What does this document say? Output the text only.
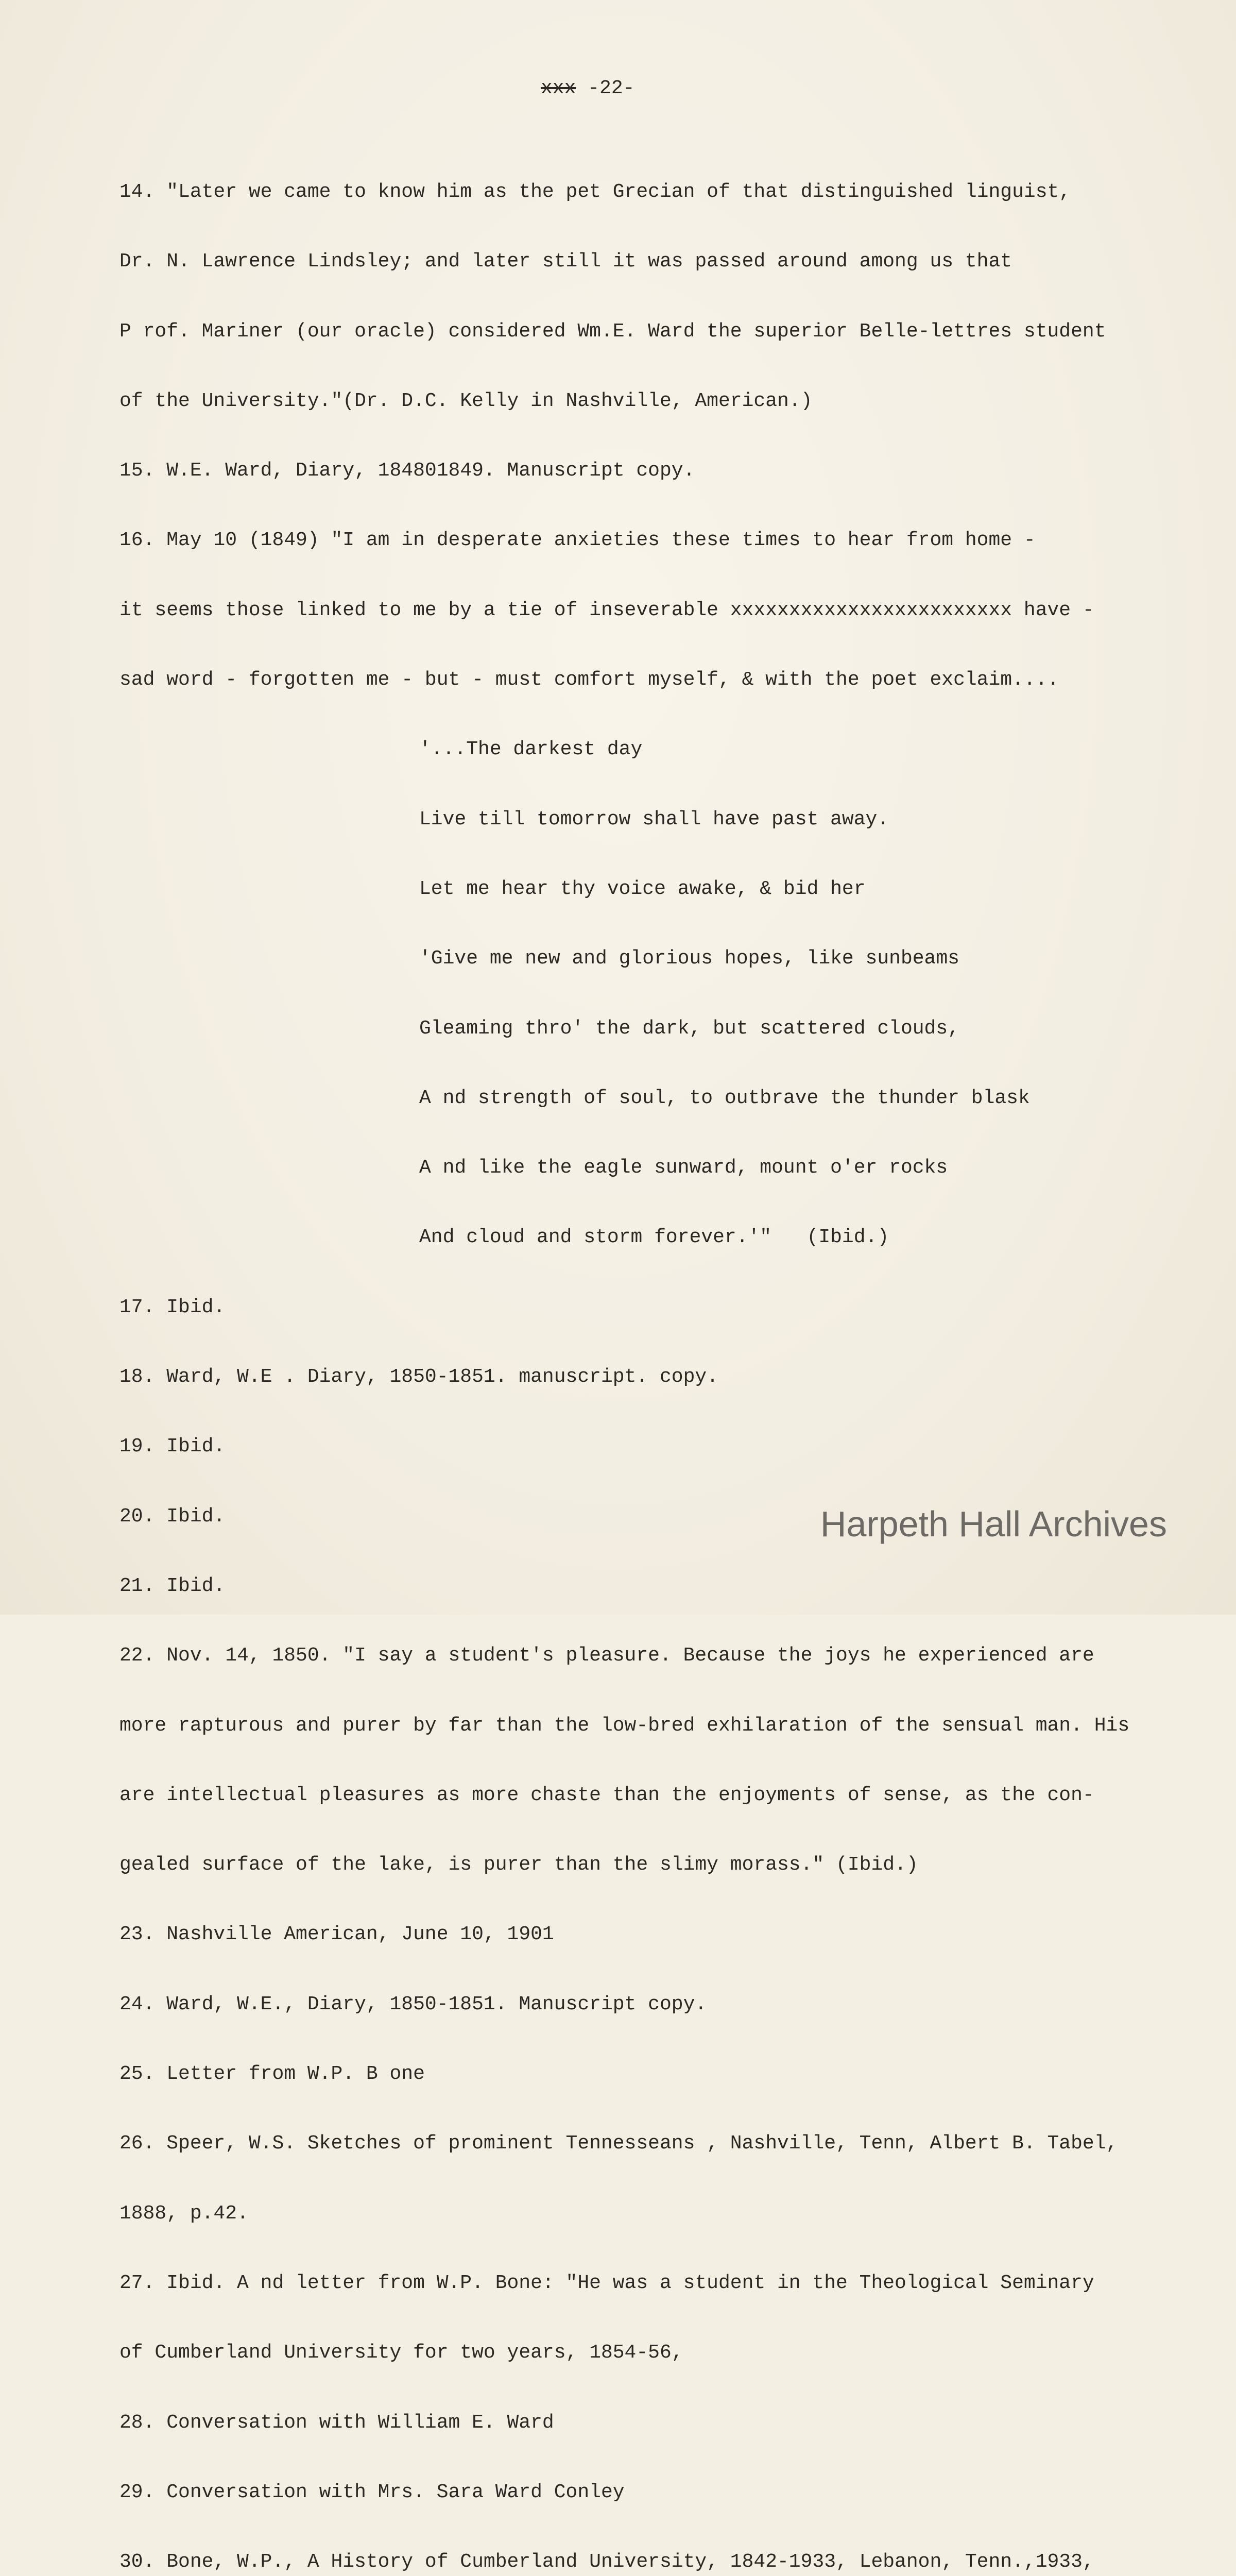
xxx -22-

14. "Later we came to know him as the pet Grecian of that distinguished linguist,

Dr. N. Lawrence Lindsley; and later still it was passed around among us that

P rof. Mariner (our oracle) considered Wm.E. Ward the superior Belle-lettres student

of the University."(Dr. D.C. Kelly in Nashville, American.)

15. W.E. Ward, Diary, 184801849. Manuscript copy.

16. May 10 (1849) "I am in desperate anxieties these times to hear from home -

it seems those linked to me by a tie of inseverable xxxxxxxxxxxxxxxxxxxxxxxx have -

sad word - forgotten me - but - must comfort myself, & with the poet exclaim....

'...The darkest day

Live till tomorrow shall have past away.

Let me hear thy voice awake, & bid her

'Give me new and glorious hopes, like sunbeams

Gleaming thro' the dark, but scattered clouds,

A nd strength of soul, to outbrave the thunder blask

A nd like the eagle sunward, mount o'er rocks

And cloud and storm forever.'"   (Ibid.)

17. Ibid.

18. Ward, W.E . Diary, 1850-1851. manuscript. copy.

19. Ibid.

20. Ibid.

21. Ibid.

22. Nov. 14, 1850. "I say a student's pleasure. Because the joys he experienced are

more rapturous and purer by far than the low-bred exhilaration of the sensual man. His

are intellectual pleasures as more chaste than the enjoyments of sense, as the con-

gealed surface of the lake, is purer than the slimy morass." (Ibid.)

23. Nashville American, June 10, 1901

24. Ward, W.E., Diary, 1850-1851. Manuscript copy.

25. Letter from W.P. B one

26. Speer, W.S. Sketches of prominent Tennesseans , Nashville, Tenn, Albert B. Tabel,

1888, p.42.

27. Ibid. A nd letter from W.P. Bone: "He was a student in the Theological Seminary

of Cumberland University for two years, 1854-56,

28. Conversation with William E. Ward

29. Conversation with Mrs. Sara Ward Conley

30. Bone, W.P., A History of Cumberland University, 1842-1933, Lebanon, Tenn.,1933,

Harpeth Hall Archives
